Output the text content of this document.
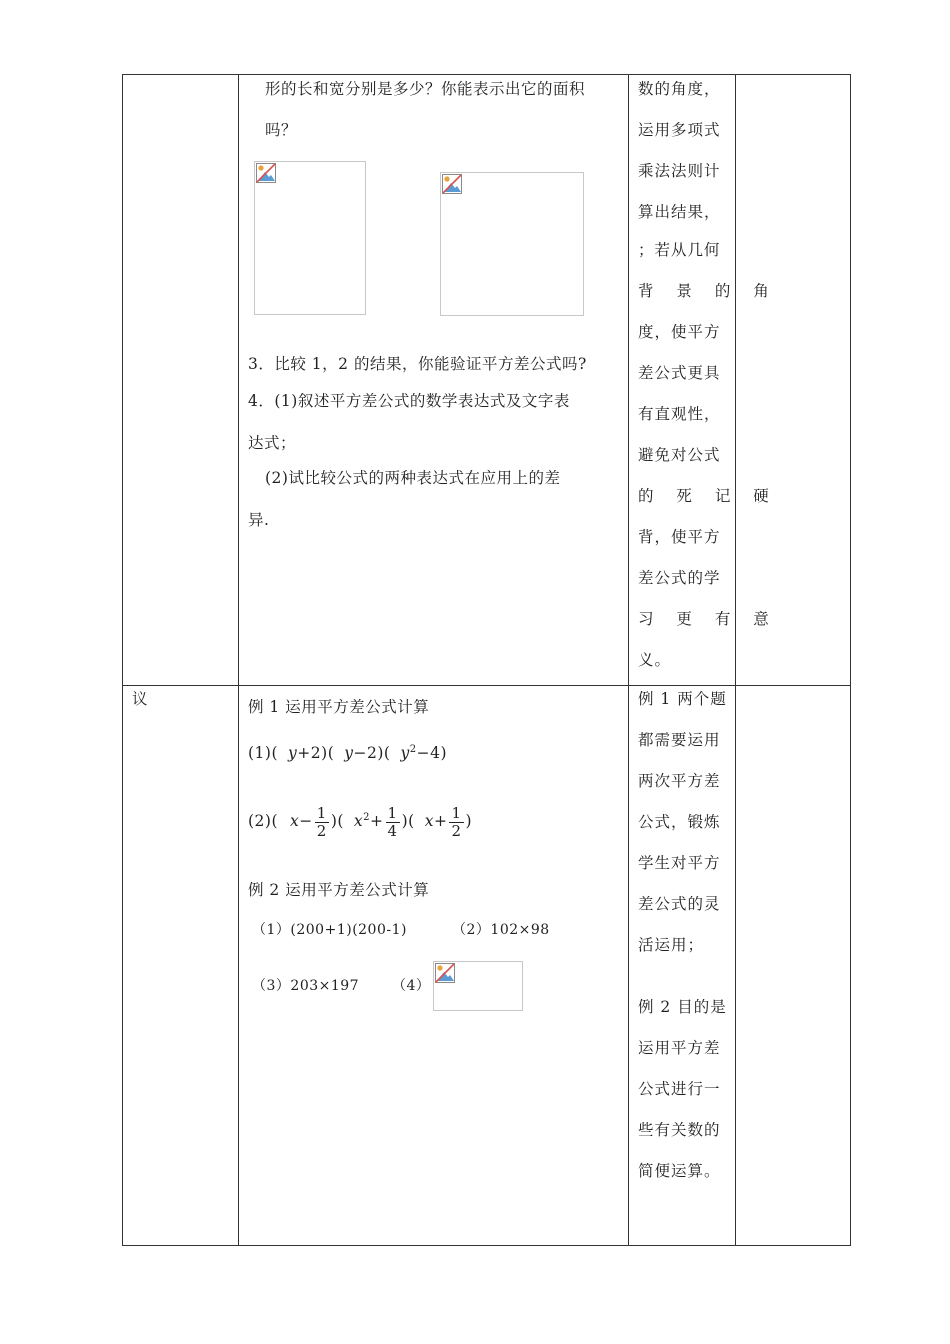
形的长和宽分别是多少？你能表示出它的面积
吗？
3．比较 1，2 的结果，你能验证平方差公式吗?
4．(1)叙述平方差公式的数学表达式及文字表
达式；
(2)试比较公式的两种表达式在应用上的差
异.
数的角度，
运用多项式
乘法法则计
算出结果，
；若从几何
背 景 的 角
度，使平方
差公式更具
有直观性，
避免对公式
的 死 记 硬
背，使平方
差公式的学
习 更 有 意
义。
议	例 1 运用平方差公式计算
(1)( y+2)( y−2)( $y^2-4$)
(2)( $x- \frac{1}{2}$ )( $x^2+ \frac{1}{4}$ )( $x+ \frac{1}{2}$ )
例 2 运用平方差公式计算
（1）(200+1)(200-1)	（2）102×98
（3）203×197 （4）
例 1 两个题
都需要运用
两次平方差
公式，锻炼
学生对平方
差公式的灵
活运用；
例 2 目的是
运用平方差
公式进行一
些有关数的
简便运算。
